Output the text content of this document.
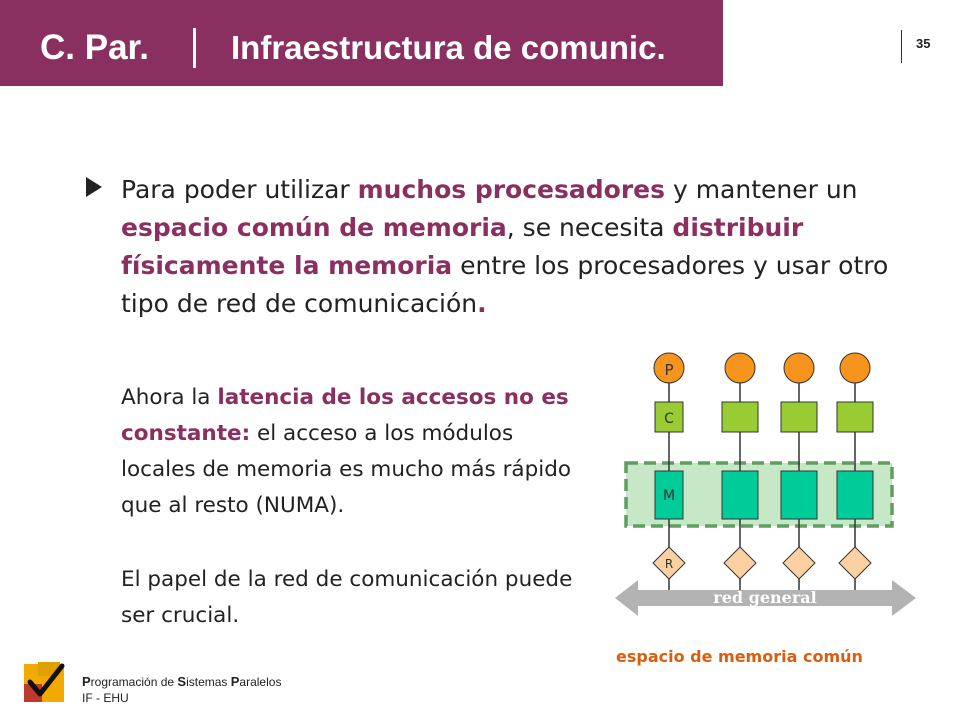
C. Par. Infraestructura de comunic.	35

Para poder utilizar muchos procesadores y mantener un espacio común de memoria, se necesita distribuir físicamente la memoria entre los procesadores y usar otro tipo de red de comunicación.

Ahora la latencia de los accesos no es constante: el acceso a los módulos locales de memoria es mucho más rápido que al resto (NUMA).

El papel de la red de comunicación puede ser crucial.

P
C
M
R
red general
espacio de memoria común
Programación de Sistemas Paralelos
IF - EHU
